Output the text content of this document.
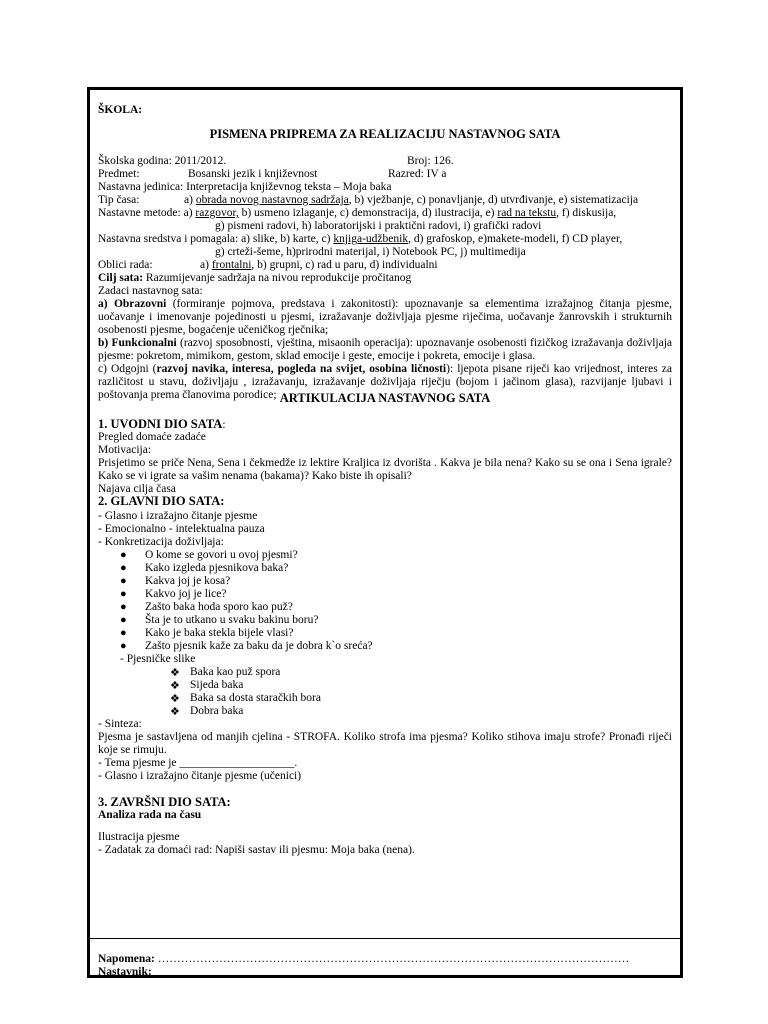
ŠKOLA:
PISMENA PRIPREMA ZA REALIZACIJU NASTAVNOG SATA
Školska godina: 2011/2012.	Broj: 126.
Predmet:	Bosanski jezik i književnost	Razred: IV a
Nastavna jedinica: Interpretacija književnog teksta – Moja baka
Tip časa:	a) obrada novog nastavnog sadržaja, b) vježbanje, c) ponavljanje, d) utvrđivanje, e) sistematizacija
Nastavne metode: a) razgovor, b) usmeno izlaganje, c) demonstracija, d) ilustracija, e) rad na tekstu, f) diskusija,
g) pismeni radovi, h) laboratorijski i praktični radovi, i) grafički radovi
Nastavna sredstva i pomagala: a) slike, b) karte, c) knjiga-udžbenik, d) grafoskop, e)makete-modeli, f) CD player,
g) crteži-šeme, h)prirodni materijal, i) Notebook PC, j) multimedija
Oblici rada:	a) frontalni, b) grupni, c) rad u paru, d) individualni
Cilj sata: Razumijevanje sadržaja na nivou reprodukcije pročitanog
Zadaci nastavnog sata:
a) Obrazovni (formiranje pojmova, predstava i zakonitosti): upoznavanje sa elementima izražajnog čitanja pjesme, uočavanje i imenovanje pojedinosti u pjesmi, izražavanje doživljaja pjesme riječima, uočavanje žanrovskih i strukturnih osobenosti pjesme, bogaćenje učeničkog rječnika;
b) Funkcionalni (razvoj sposobnosti, vještina, misaonih operacija): upoznavanje osobenosti fizičkog izražavanja doživljaja pjesme: pokretom, mimikom, gestom, sklad emocije i geste, emocije i pokreta, emocije i glasa.
c) Odgojni (razvoj navika, interesa, pogleda na svijet, osobina ličnosti): ljepota pisane riječi kao vrijednost, interes za različitost u stavu, doživljaju , izražavanju, izražavanje doživljaja riječju (bojom i jačinom glasa), razvijanje ljubavi i poštovanja prema članovima porodice; ARTIKULACIJA NASTAVNOG SATA
1. UVODNI DIO SATA:
Pregled domaće zadaće
Motivacija:
Prisjetimo se priče Nena, Sena i čekmedže iz lektire Kraljica iz dvorišta . Kakva je bila nena? Kako su se ona i Sena igrale? Kako se vi igrate sa vašim nenama (bakama)? Kako biste ih opisali?
Najava cilja časa
2. GLAVNI DIO SATA:
- Glasno i izražajno čitanje pjesme
- Emocionalno - intelektualna pauza
- Konkretizacija doživljaja:
● O kome se govori u ovoj pjesmi?
● Kako izgleda pjesnikova baka?
● Kakva joj je kosa?
● Kakvo joj je lice?
● Zašto baka hoda sporo kao puž?
● Šta je to utkano u svaku bakinu boru?
● Kako je baka stekla bijele vlasi?
● Zašto pjesnik kaže za baku da je dobra k`o sreća?
- Pjesničke slike
❖ Baka kao puž spora
❖ Sijeda baka
❖ Baka sa dosta staračkih bora
❖ Dobra baka
- Sinteza:
Pjesma je sastavljena od manjih cjelina - STROFA. Koliko strofa ima pjesma? Koliko stihova imaju strofe? Pronađi riječi koje se rimuju.
- Tema pjesme je ____________________.
- Glasno i izražajno čitanje pjesme (učenici)
3. ZAVRŠNI DIO SATA:
Analiza rada na času
Ilustracija pjesme
- Zadatak za domaći rad: Napiši sastav ili pjesmu: Moja baka (nena).
Napomena: ……………………………………………………………………………………………………………
Nastavnik:
